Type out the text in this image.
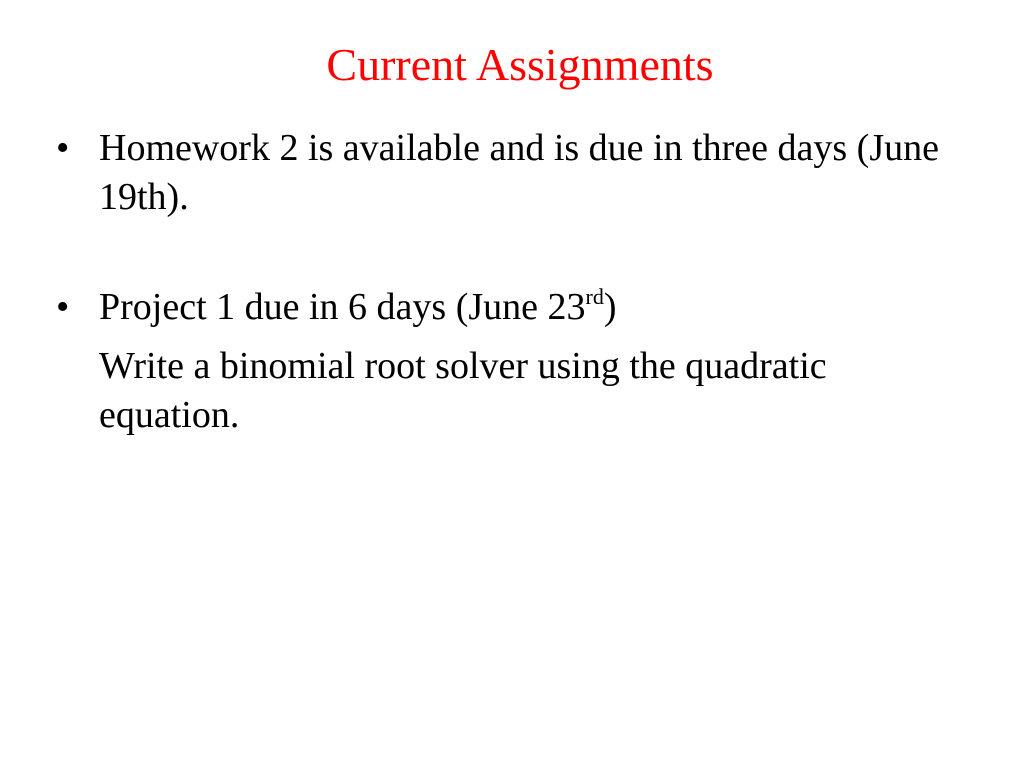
Current Assignments
• Homework 2 is available and is due in three days (June 19th).
• Project 1 due in 6 days (June 23rd)
Write a binomial root solver using the quadratic equation.
